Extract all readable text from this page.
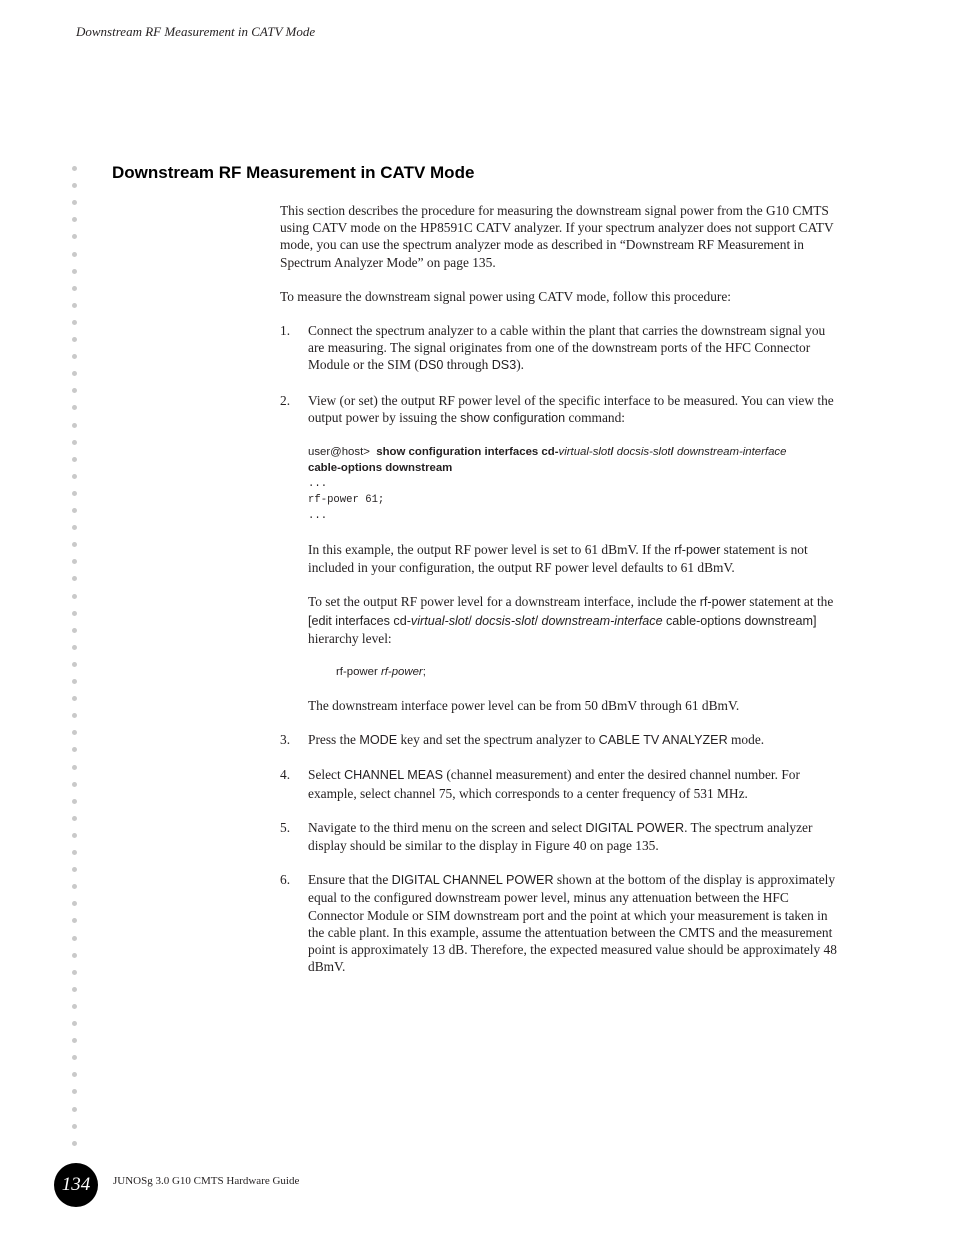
Downstream RF Measurement in CATV Mode
Downstream RF Measurement in CATV Mode

This section describes the procedure for measuring the downstream signal power from the G10 CMTS using CATV mode on the HP8591C CATV analyzer. If your spectrum analyzer does not support CATV mode, you can use the spectrum analyzer mode as described in “Downstream RF Measurement in Spectrum Analyzer Mode” on page 135.

To measure the downstream signal power using CATV mode, follow this procedure:

1. Connect the spectrum analyzer to a cable within the plant that carries the downstream signal you are measuring. The signal originates from one of the downstream ports of the HFC Connector Module or the SIM (DS0 through DS3).

2. View (or set) the output RF power level of the specific interface to be measured. You can view the output power by issuing the show configuration command:

user@host> show configuration interfaces cd-virtual-slot/ docsis-slot/ downstream-interface
cable-options downstream
...
rf-power 61;
...

In this example, the output RF power level is set to 61 dBmV. If the rf-power statement is not included in your configuration, the output RF power level defaults to 61 dBmV.

To set the output RF power level for a downstream interface, include the rf-power statement at the [edit interfaces cd-virtual-slot/ docsis-slot/ downstream-interface cable-options downstream] hierarchy level:

rf-power rf-power;

The downstream interface power level can be from 50 dBmV through 61 dBmV.

3. Press the MODE key and set the spectrum analyzer to CABLE TV ANALYZER mode.

4. Select CHANNEL MEAS (channel measurement) and enter the desired channel number. For example, select channel 75, which corresponds to a center frequency of 531 MHz.

5. Navigate to the third menu on the screen and select DIGITAL POWER. The spectrum analyzer display should be similar to the display in Figure 40 on page 135.

6. Ensure that the DIGITAL CHANNEL POWER shown at the bottom of the display is approximately equal to the configured downstream power level, minus any attenuation between the HFC Connector Module or SIM downstream port and the point at which your measurement is taken in the cable plant. In this example, assume the attentuation between the CMTS and the measurement point is approximately 13 dB. Therefore, the expected measured value should be approximately 48 dBmV.

134	JUNOSg 3.0 G10 CMTS Hardware Guide
